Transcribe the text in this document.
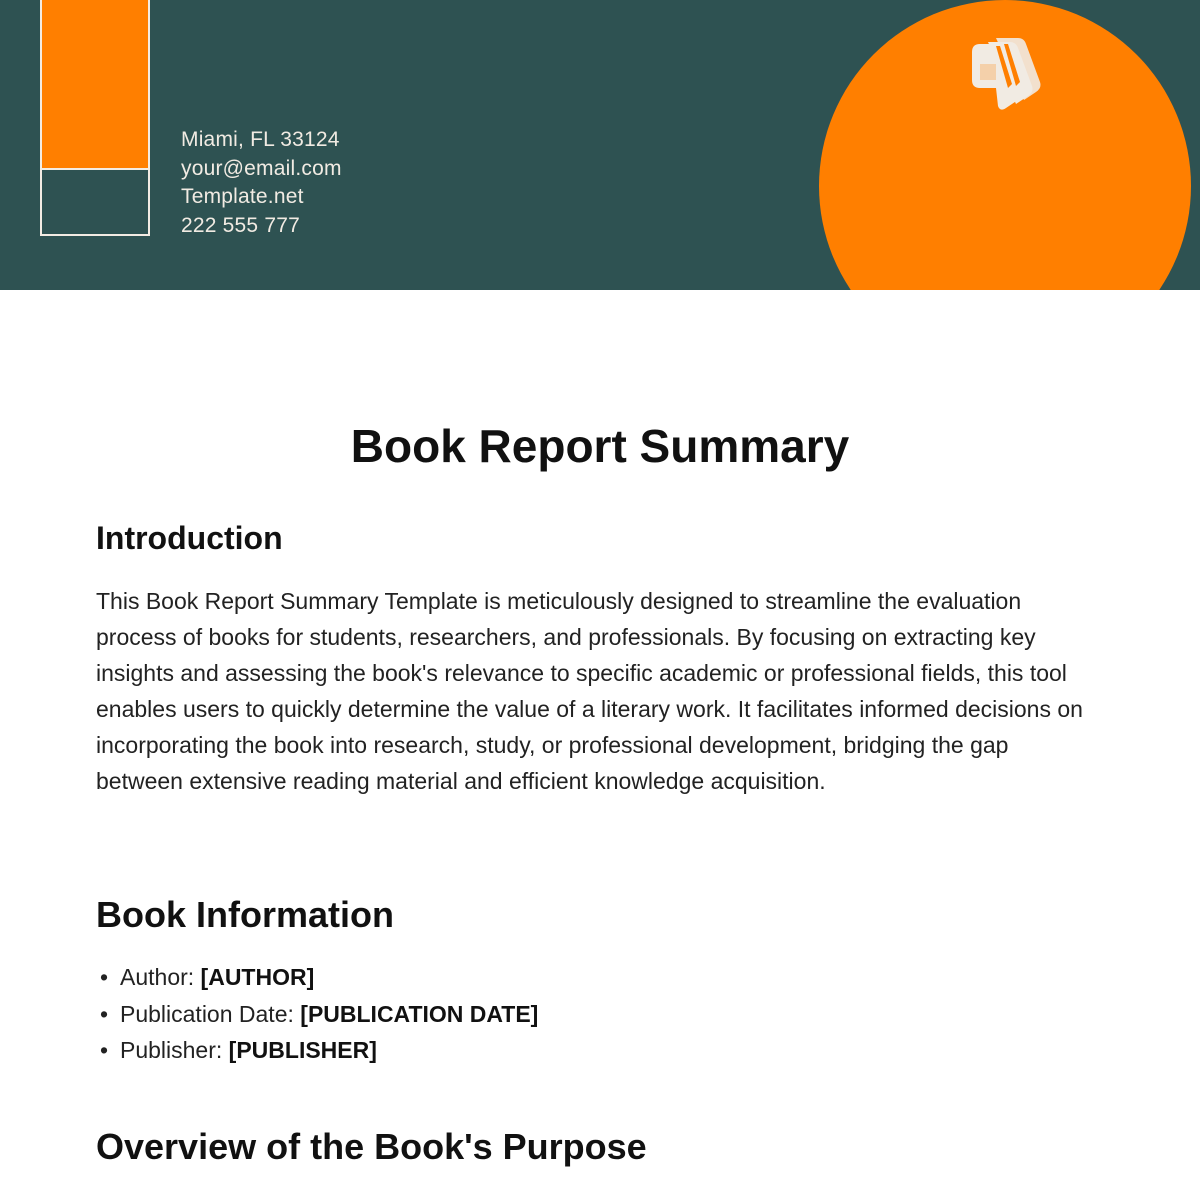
Miami, FL 33124
your@email.com
Template.net
222 555 777
Book Report Summary
Introduction

This Book Report Summary Template is meticulously designed to streamline the evaluation process of books for students, researchers, and professionals. By focusing on extracting key insights and assessing the book's relevance to specific academic or professional fields, this tool enables users to quickly determine the value of a literary work. It facilitates informed decisions on incorporating the book into research, study, or professional development, bridging the gap between extensive reading material and efficient knowledge acquisition.

Book Information
• Author: [AUTHOR]
• Publication Date: [PUBLICATION DATE]
• Publisher: [PUBLISHER]
Overview of the Book's Purpose
